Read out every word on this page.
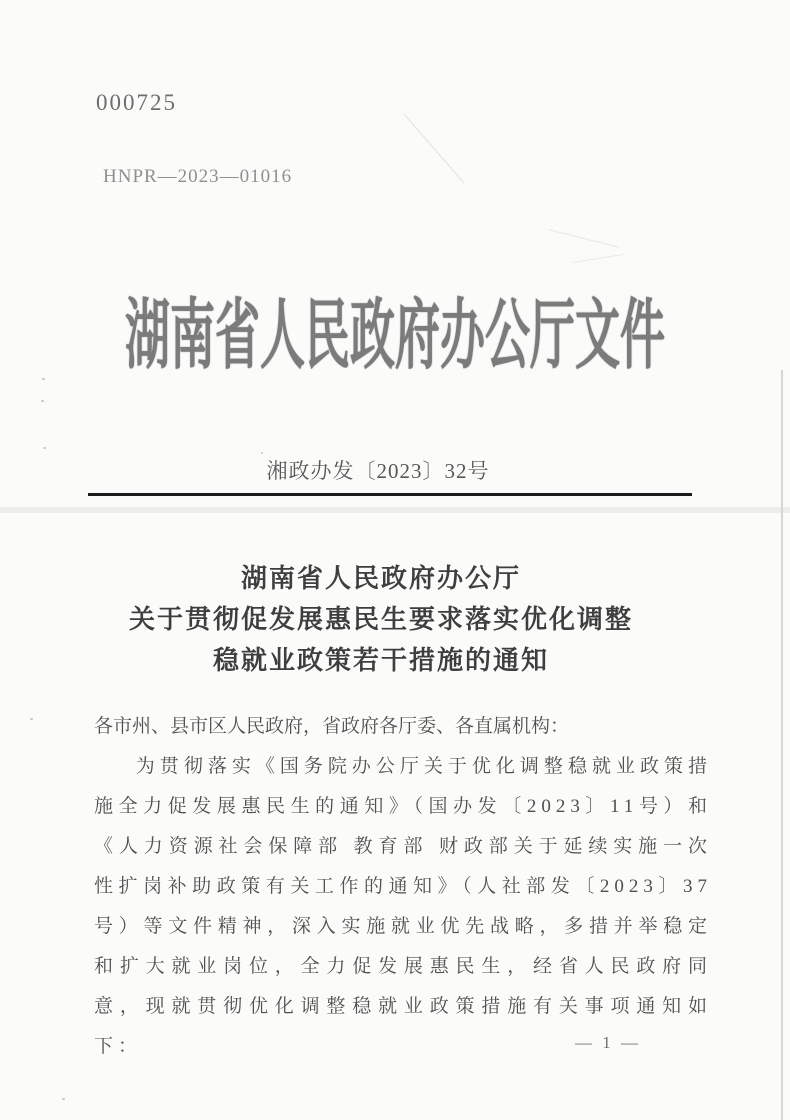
000725
HNPR—2023—01016
湖南省人民政府办公厅文件
湘政办发〔2023〕32号
湖南省人民政府办公厅
关于贯彻促发展惠民生要求落实优化调整
稳就业政策若干措施的通知
各市州、县市区人民政府，省政府各厅委、各直属机构：

为贯彻落实《国务院办公厅关于优化调整稳就业政策措施全力促发展惠民生的通知》（国办发〔2023〕11号）和《人力资源社会保障部 教育部 财政部关于延续实施一次性扩岗补助政策有关工作的通知》（人社部发〔2023〕37号）等文件精神，深入实施就业优先战略，多措并举稳定和扩大就业岗位，全力促发展惠民生，经省人民政府同意，现就贯彻优化调整稳就业政策措施有关事项通知如下：	— 1 —
